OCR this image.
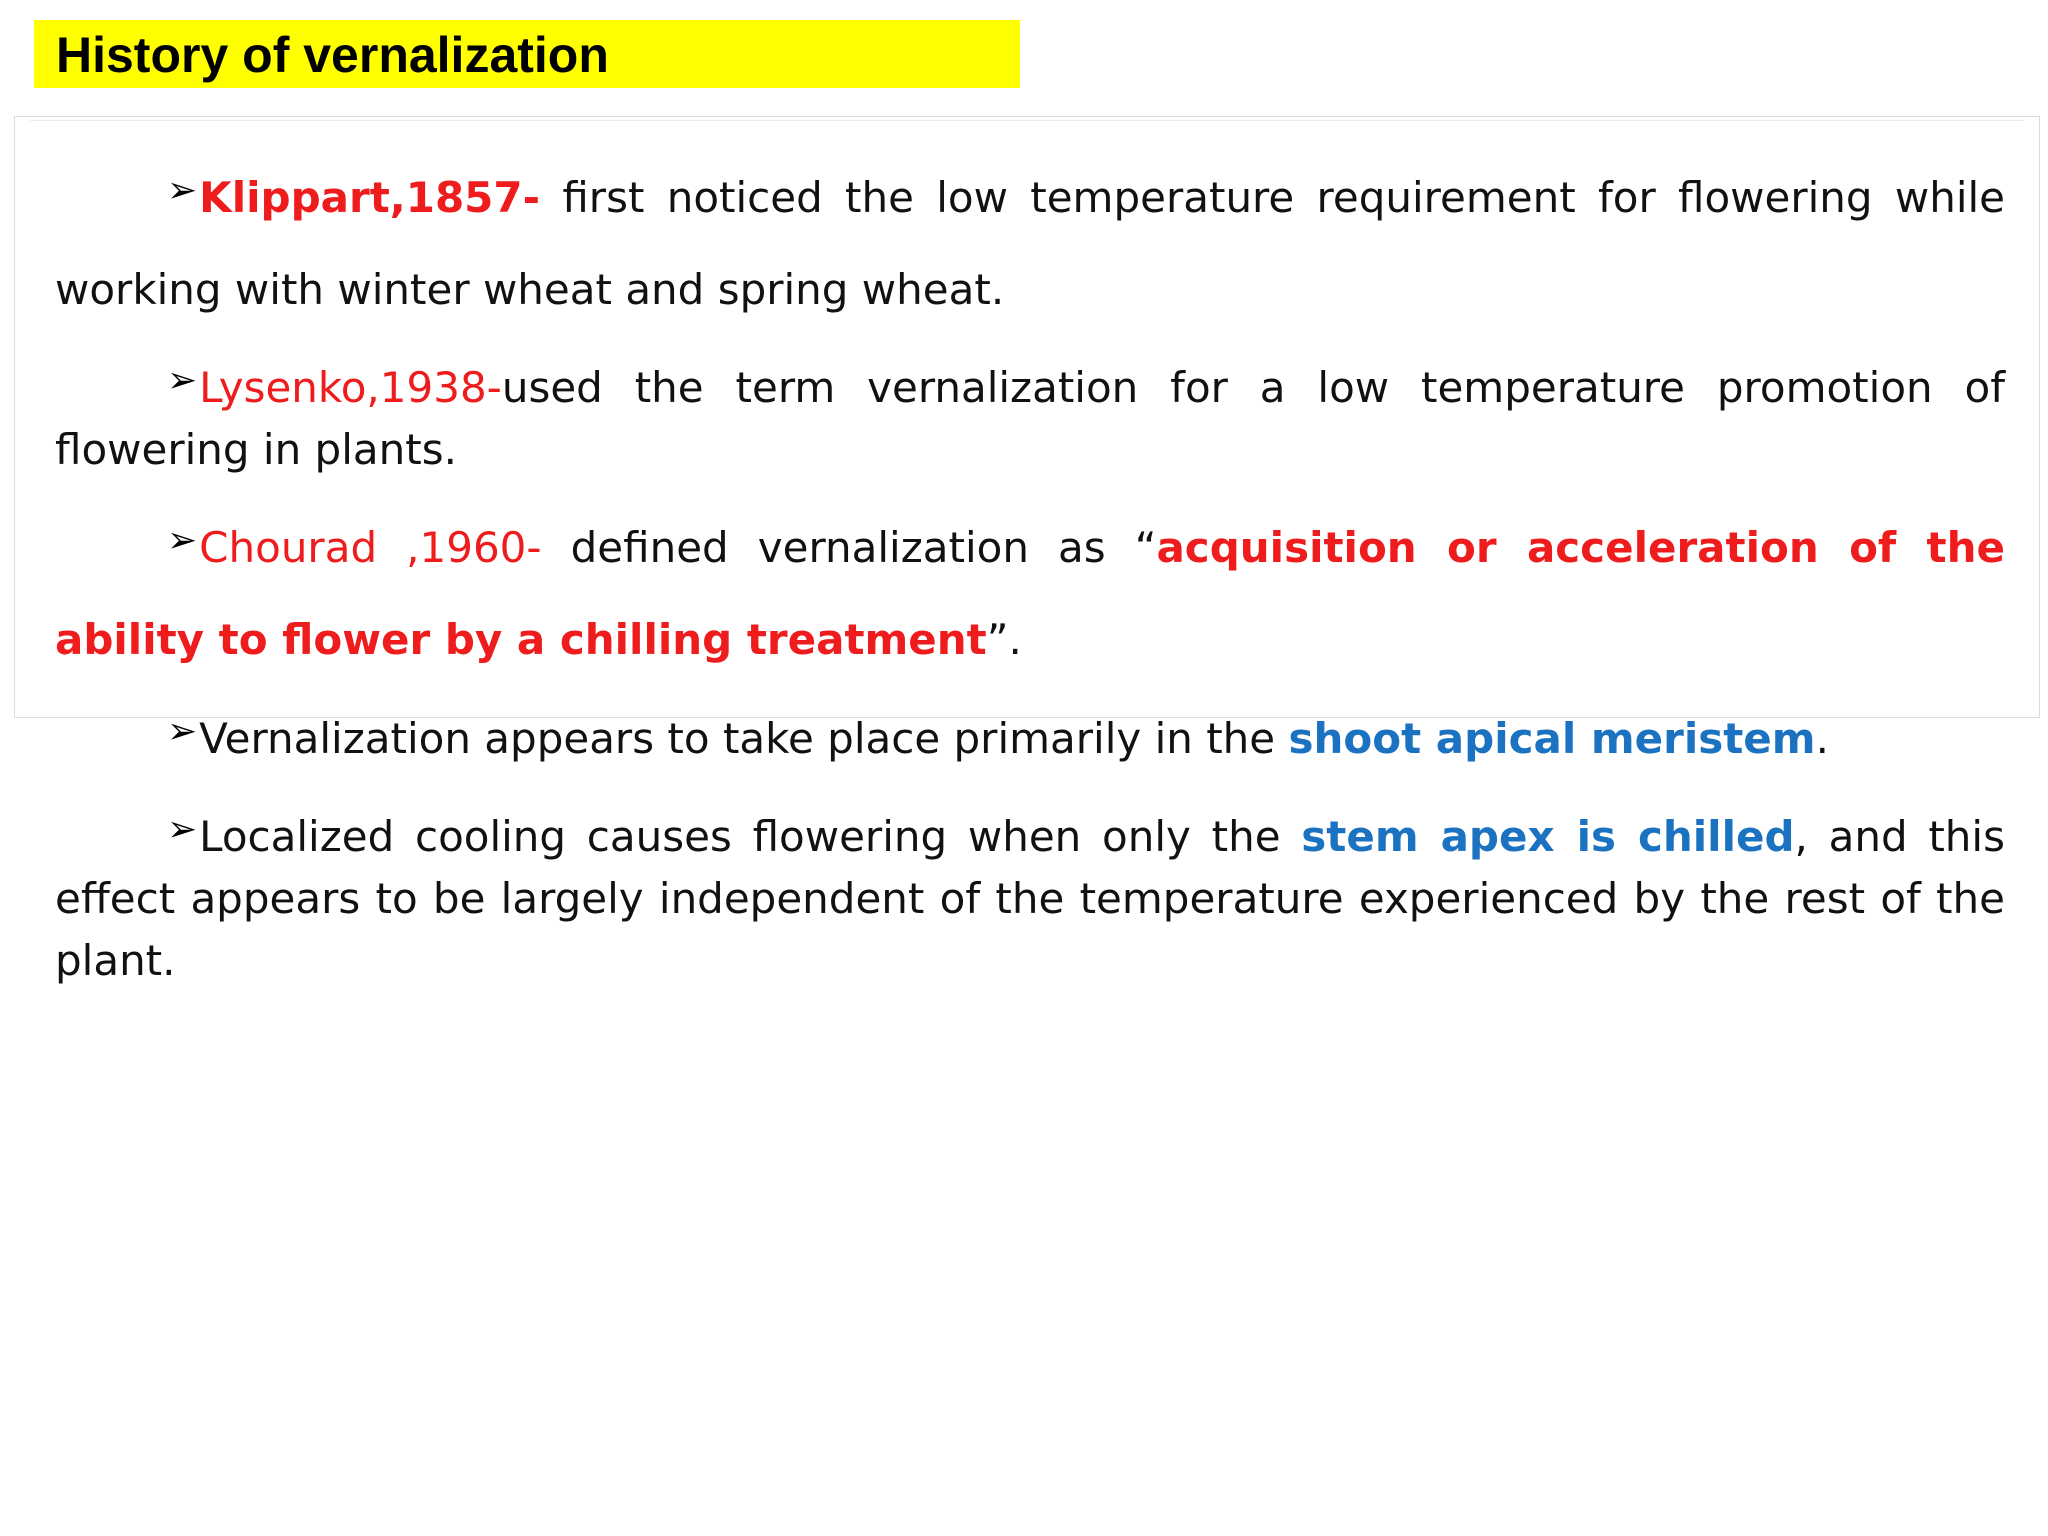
History of vernalization

➢Klippart,1857- first noticed the low temperature requirement for flowering while working with winter wheat and spring wheat.

➢Lysenko,1938-used the term vernalization for a low temperature promotion of flowering in plants.

➢Chourad ,1960- defined vernalization as “acquisition or acceleration of the ability to flower by a chilling treatment”.

➢Vernalization appears to take place primarily in the shoot apical meristem.

➢Localized cooling causes flowering when only the stem apex is chilled, and this effect appears to be largely independent of the temperature experienced by the rest of the plant.
